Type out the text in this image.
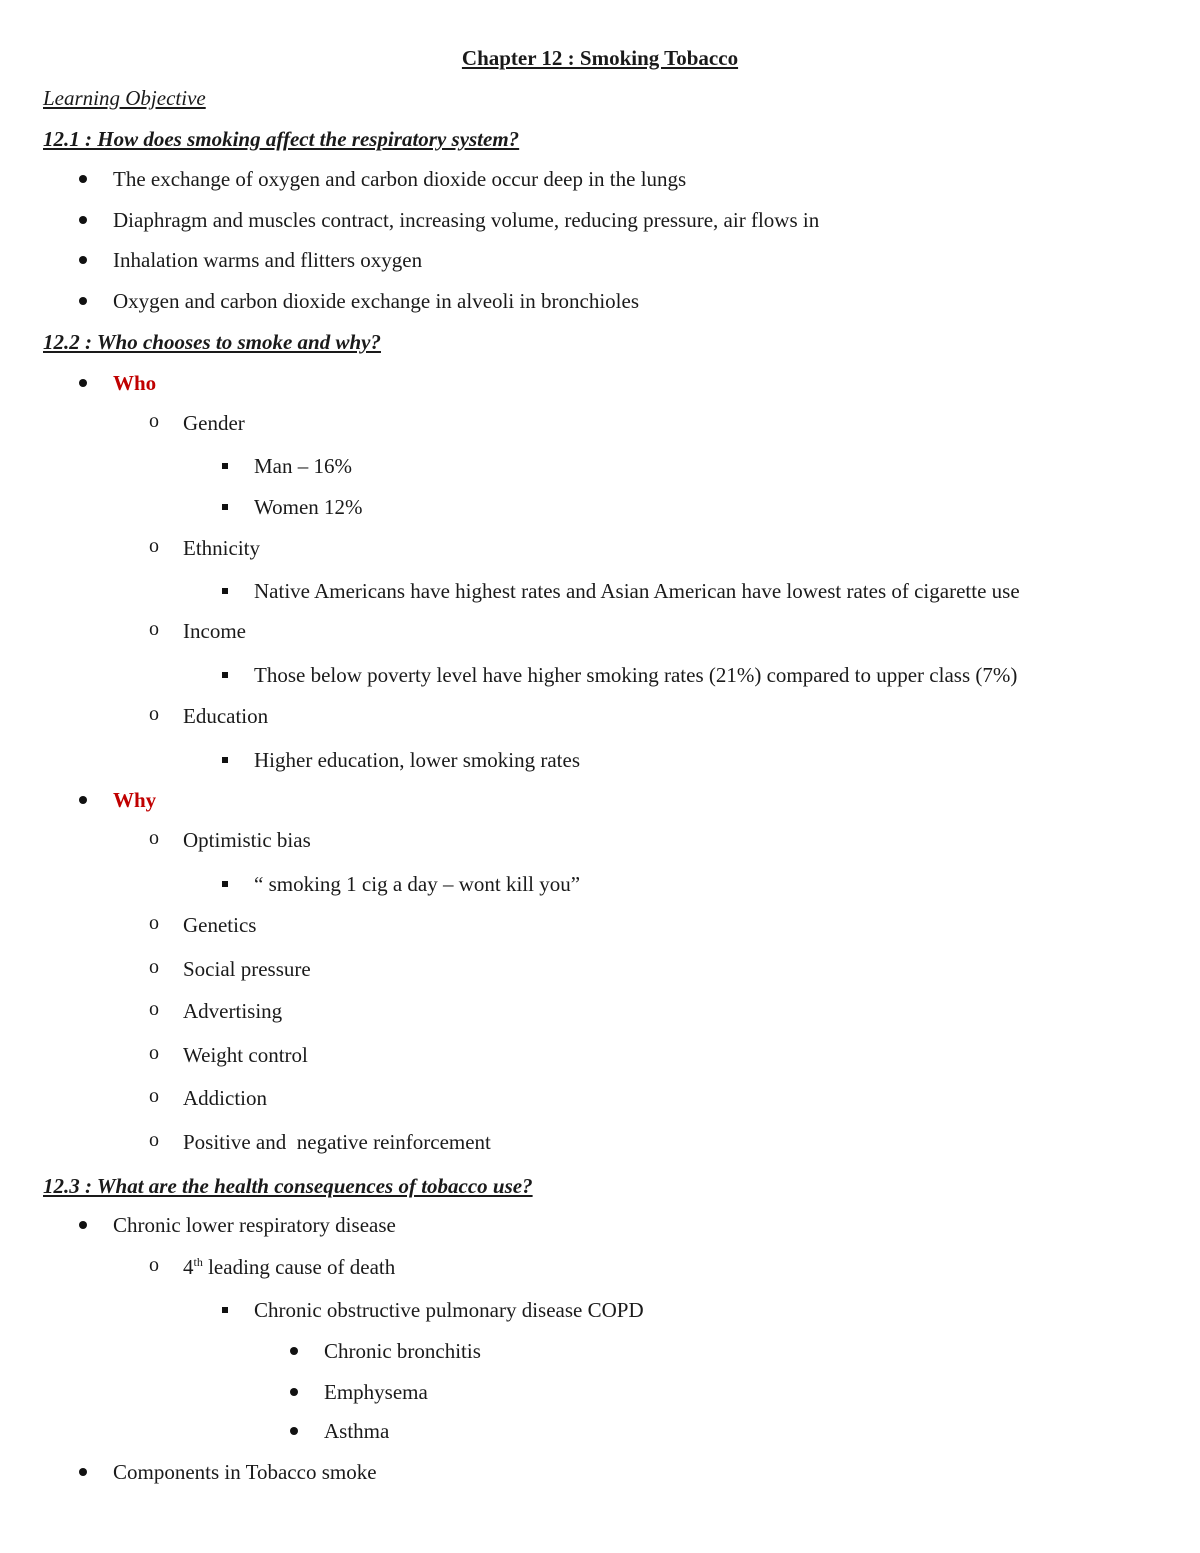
Chapter 12 : Smoking Tobacco
Learning Objective
12.1 : How does smoking affect the respiratory system?
The exchange of oxygen and carbon dioxide occur deep in the lungs
Diaphragm and muscles contract, increasing volume, reducing pressure, air flows in
Inhalation warms and flitters oxygen
Oxygen and carbon dioxide exchange in alveoli in bronchioles
12.2 : Who chooses to smoke and why?
Who
o Gender
Man – 16%
Women 12%
o Ethnicity
Native Americans have highest rates and Asian American have lowest rates of cigarette use
o Income
Those below poverty level have higher smoking rates (21%) compared to upper class (7%)
o Education
Higher education, lower smoking rates
Why
o Optimistic bias
“ smoking 1 cig a day – wont kill you”
o Genetics
o Social pressure
o Advertising
o Weight control
o Addiction
o Positive and  negative reinforcement
12.3 : What are the health consequences of tobacco use?
Chronic lower respiratory disease
o 4th leading cause of death
Chronic obstructive pulmonary disease COPD
Chronic bronchitis
Emphysema
Asthma
Components in Tobacco smoke
